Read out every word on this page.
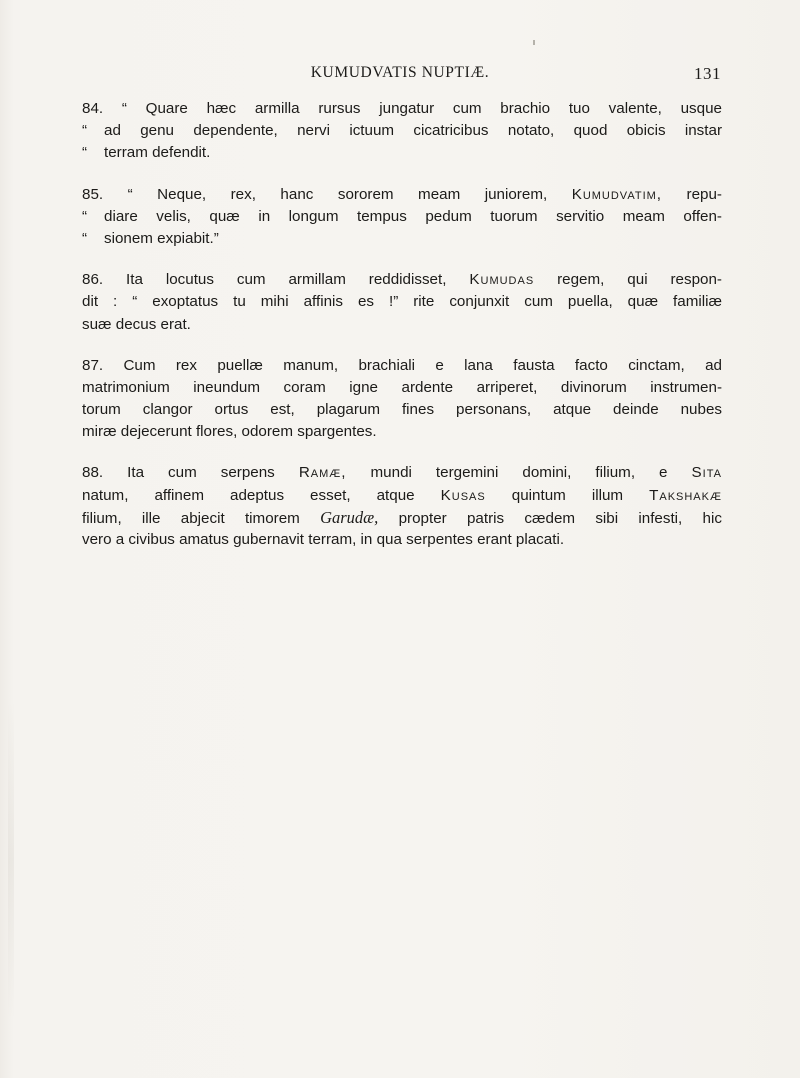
KUMUDVATIS NUPTIÆ.	131
84. “ Quare hæc armilla rursus jungatur cum brachio tuo valente, usque
“ ad genu dependente, nervi ictuum cicatricibus notato, quod obicis instar
“ terram defendit.
85. “ Neque, rex, hanc sororem meam juniorem, Kumudvatim, repu-
“ diare velis, quæ in longum tempus pedum tuorum servitio meam offen-
“ sionem expiabit.”
86. Ita locutus cum armillam reddidisset, Kumudas regem, qui respon-
dit : “ exoptatus tu mihi affinis es !” rite conjunxit cum puella, quæ familiæ
suæ decus erat.
87. Cum rex puellæ manum, brachiali e lana fausta facto cinctam, ad
matrimonium ineundum coram igne ardente arriperet, divinorum instrumen-
torum clangor ortus est, plagarum fines personans, atque deinde nubes
miræ dejecerunt flores, odorem spargentes.
88. Ita cum serpens Ramæ, mundi tergemini domini, filium, e Sita
natum, affinem adeptus esset, atque Kusas quintum illum Takshakæ
filium, ille abjecit timorem Garudæ, propter patris cædem sibi infesti, hic
vero a civibus amatus gubernavit terram, in qua serpentes erant placati.
